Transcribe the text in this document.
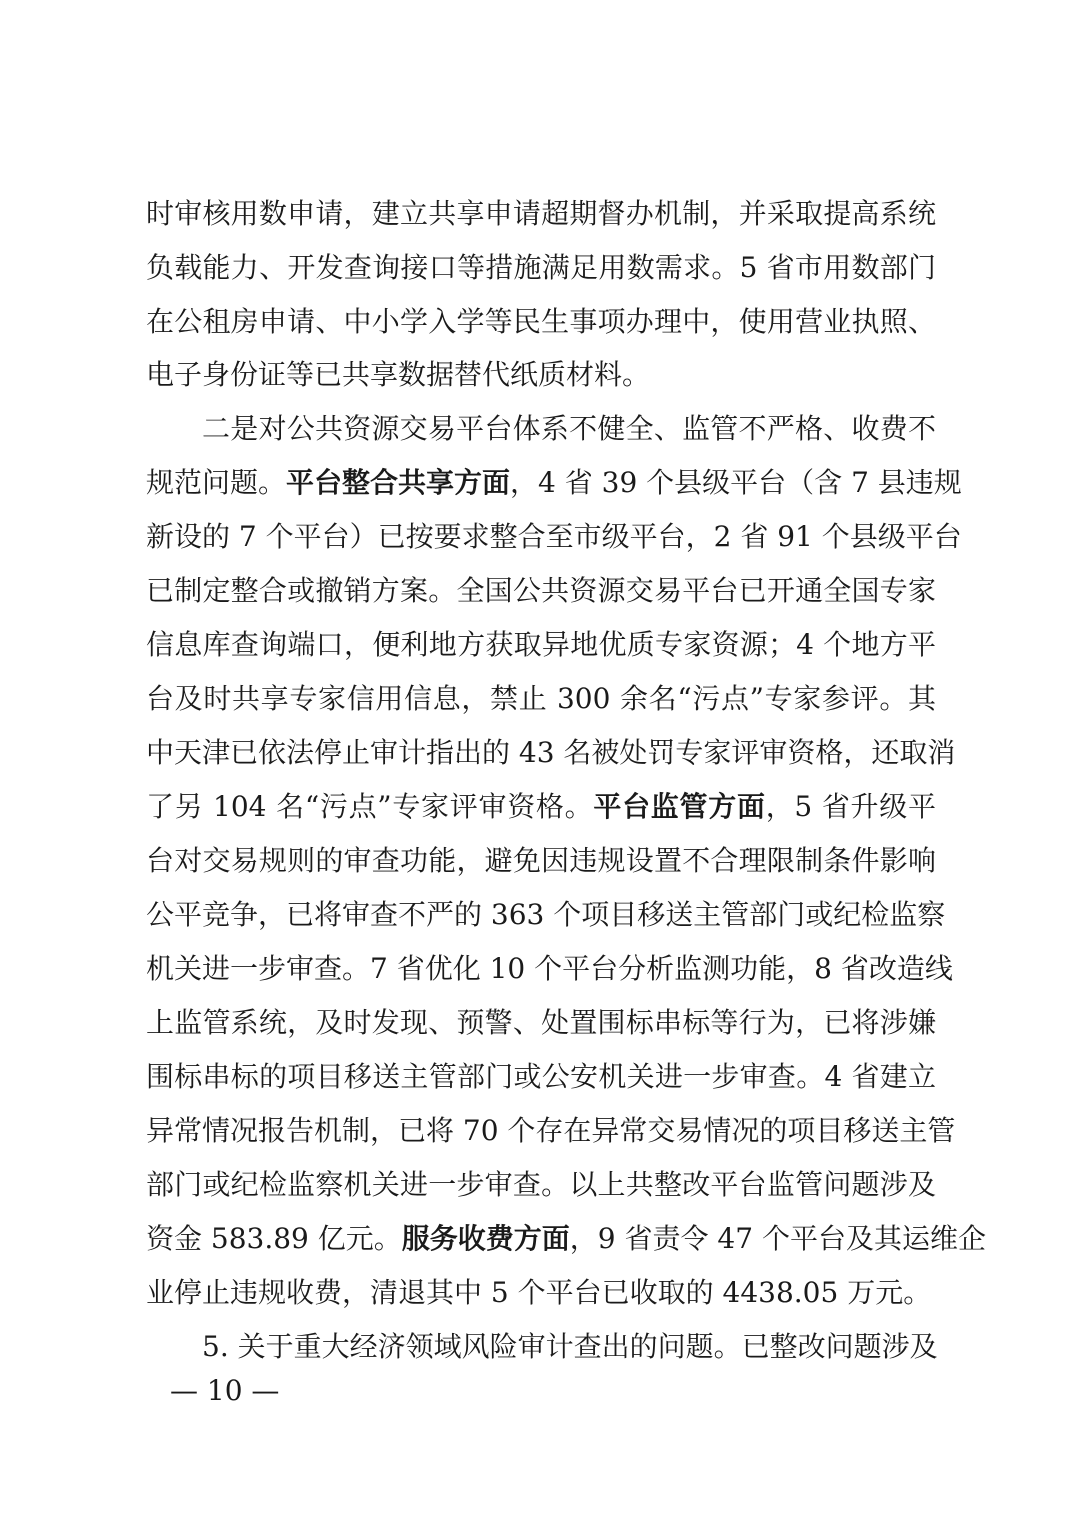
时审核用数申请，建立共享申请超期督办机制，并采取提高系统
负载能力、开发查询接口等措施满足用数需求。5 省市用数部门
在公租房申请、中小学入学等民生事项办理中，使用营业执照、
电子身份证等已共享数据替代纸质材料。
二是对公共资源交易平台体系不健全、监管不严格、收费不
规范问题。平台整合共享方面，4 省 39 个县级平台（含 7 县违规
新设的 7 个平台）已按要求整合至市级平台，2 省 91 个县级平台
已制定整合或撤销方案。全国公共资源交易平台已开通全国专家
信息库查询端口，便利地方获取异地优质专家资源；4 个地方平
台及时共享专家信用信息，禁止 300 余名“污点”专家参评。其
中天津已依法停止审计指出的 43 名被处罚专家评审资格，还取消
了另 104 名“污点”专家评审资格。平台监管方面，5 省升级平
台对交易规则的审查功能，避免因违规设置不合理限制条件影响
公平竞争，已将审查不严的 363 个项目移送主管部门或纪检监察
机关进一步审查。7 省优化 10 个平台分析监测功能，8 省改造线
上监管系统，及时发现、预警、处置围标串标等行为，已将涉嫌
围标串标的项目移送主管部门或公安机关进一步审查。4 省建立
异常情况报告机制，已将 70 个存在异常交易情况的项目移送主管
部门或纪检监察机关进一步审查。以上共整改平台监管问题涉及
资金 583.89 亿元。服务收费方面，9 省责令 47 个平台及其运维企
业停止违规收费，清退其中 5 个平台已收取的 4438.05 万元。
5. 关于重大经济领域风险审计查出的问题。已整改问题涉及
— 10 —
